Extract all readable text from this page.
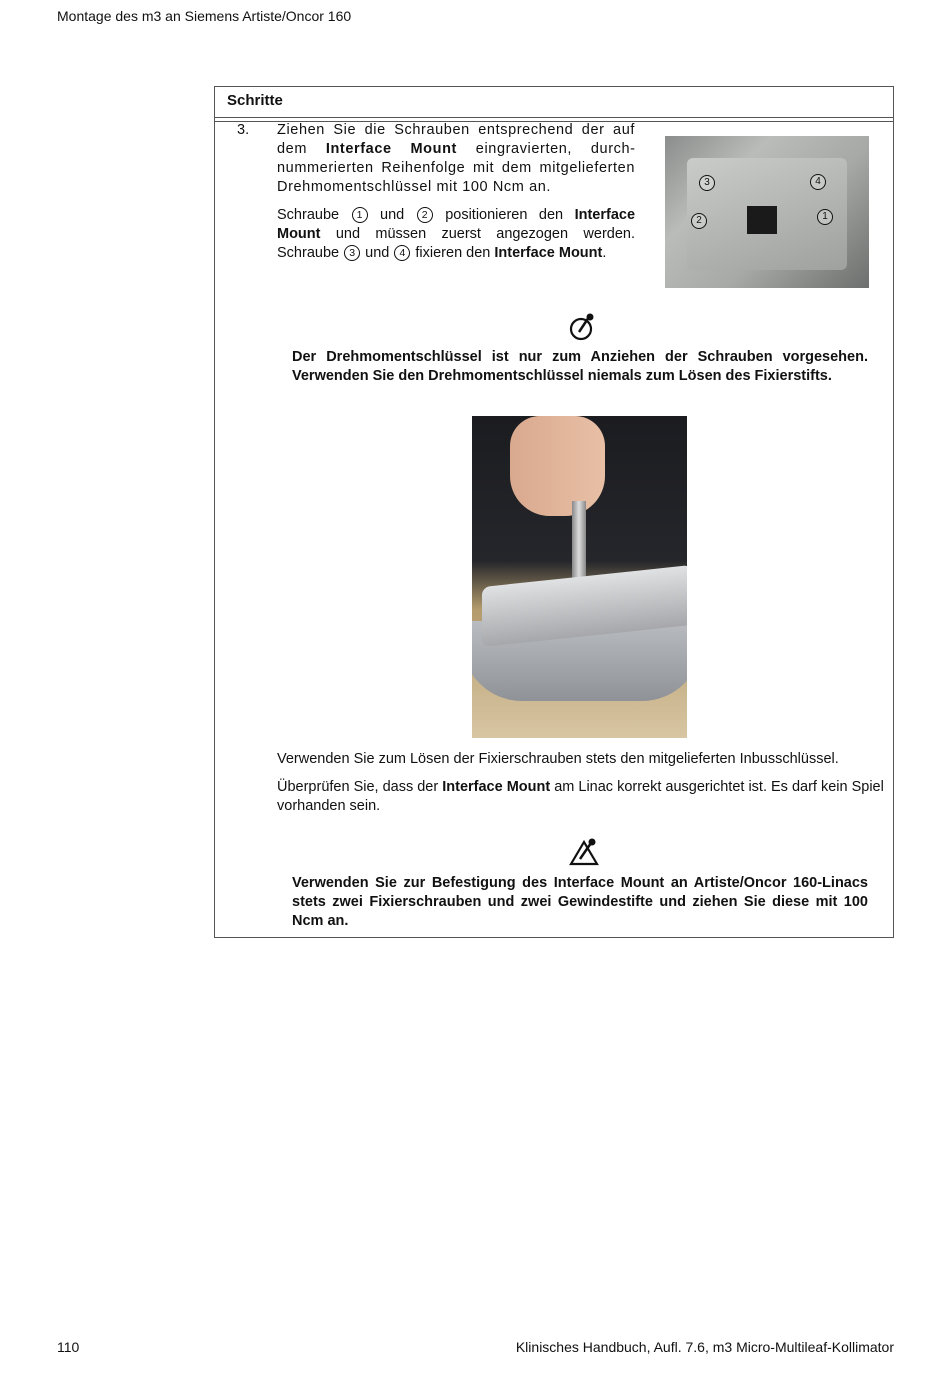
Montage des m3 an Siemens Artiste/Oncor 160
Schritte
3. Ziehen Sie die Schrauben entsprechend der auf dem Interface Mount eingravierten, durchnummerierten Reihenfolge mit dem mitgelieferten Drehmomentschlüssel mit 100 Ncm an.
Schraube 1 und 2 positionieren den Interface Mount und müssen zuerst angezogen werden. Schraube 3 und 4 fixieren den Interface Mount.
3	4
2	1
Der Drehmomentschlüssel ist nur zum Anziehen der Schrauben vorgesehen. Verwenden Sie den Drehmomentschlüssel niemals zum Lösen des Fixierstifts.
Verwenden Sie zum Lösen der Fixierschrauben stets den mitgelieferten Inbusschlüssel.
Überprüfen Sie, dass der Interface Mount am Linac korrekt ausgerichtet ist. Es darf kein Spiel vorhanden sein.
Verwenden Sie zur Befestigung des Interface Mount an Artiste/Oncor 160-Linacs stets zwei Fixierschrauben und zwei Gewindestifte und ziehen Sie diese mit 100 Ncm an.
110	Klinisches Handbuch, Aufl. 7.6, m3 Micro-Multileaf-Kollimator
